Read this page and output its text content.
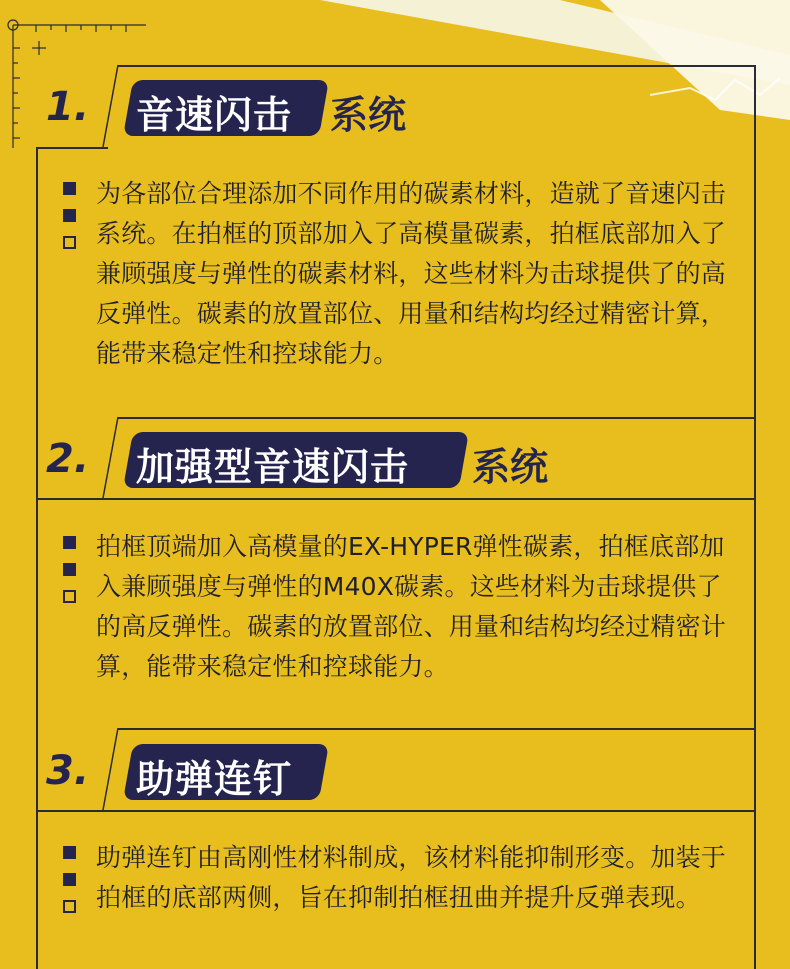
1. 音速闪击 系统
为各部位合理添加不同作用的碳素材料，造就了音速闪击系统。在拍框的顶部加入了高模量碳素，拍框底部加入了兼顾强度与弹性的碳素材料，这些材料为击球提供了的高反弹性。碳素的放置部位、用量和结构均经过精密计算，能带来稳定性和控球能力。
2. 加强型音速闪击 系统
拍框顶端加入高模量的EX-HYPER弹性碳素，拍框底部加入兼顾强度与弹性的M40X碳素。这些材料为击球提供了的高反弹性。碳素的放置部位、用量和结构均经过精密计算，能带来稳定性和控球能力。
3. 助弹连钉
助弹连钉由高刚性材料制成，该材料能抑制形变。加装于拍框的底部两侧，旨在抑制拍框扭曲并提升反弹表现。
